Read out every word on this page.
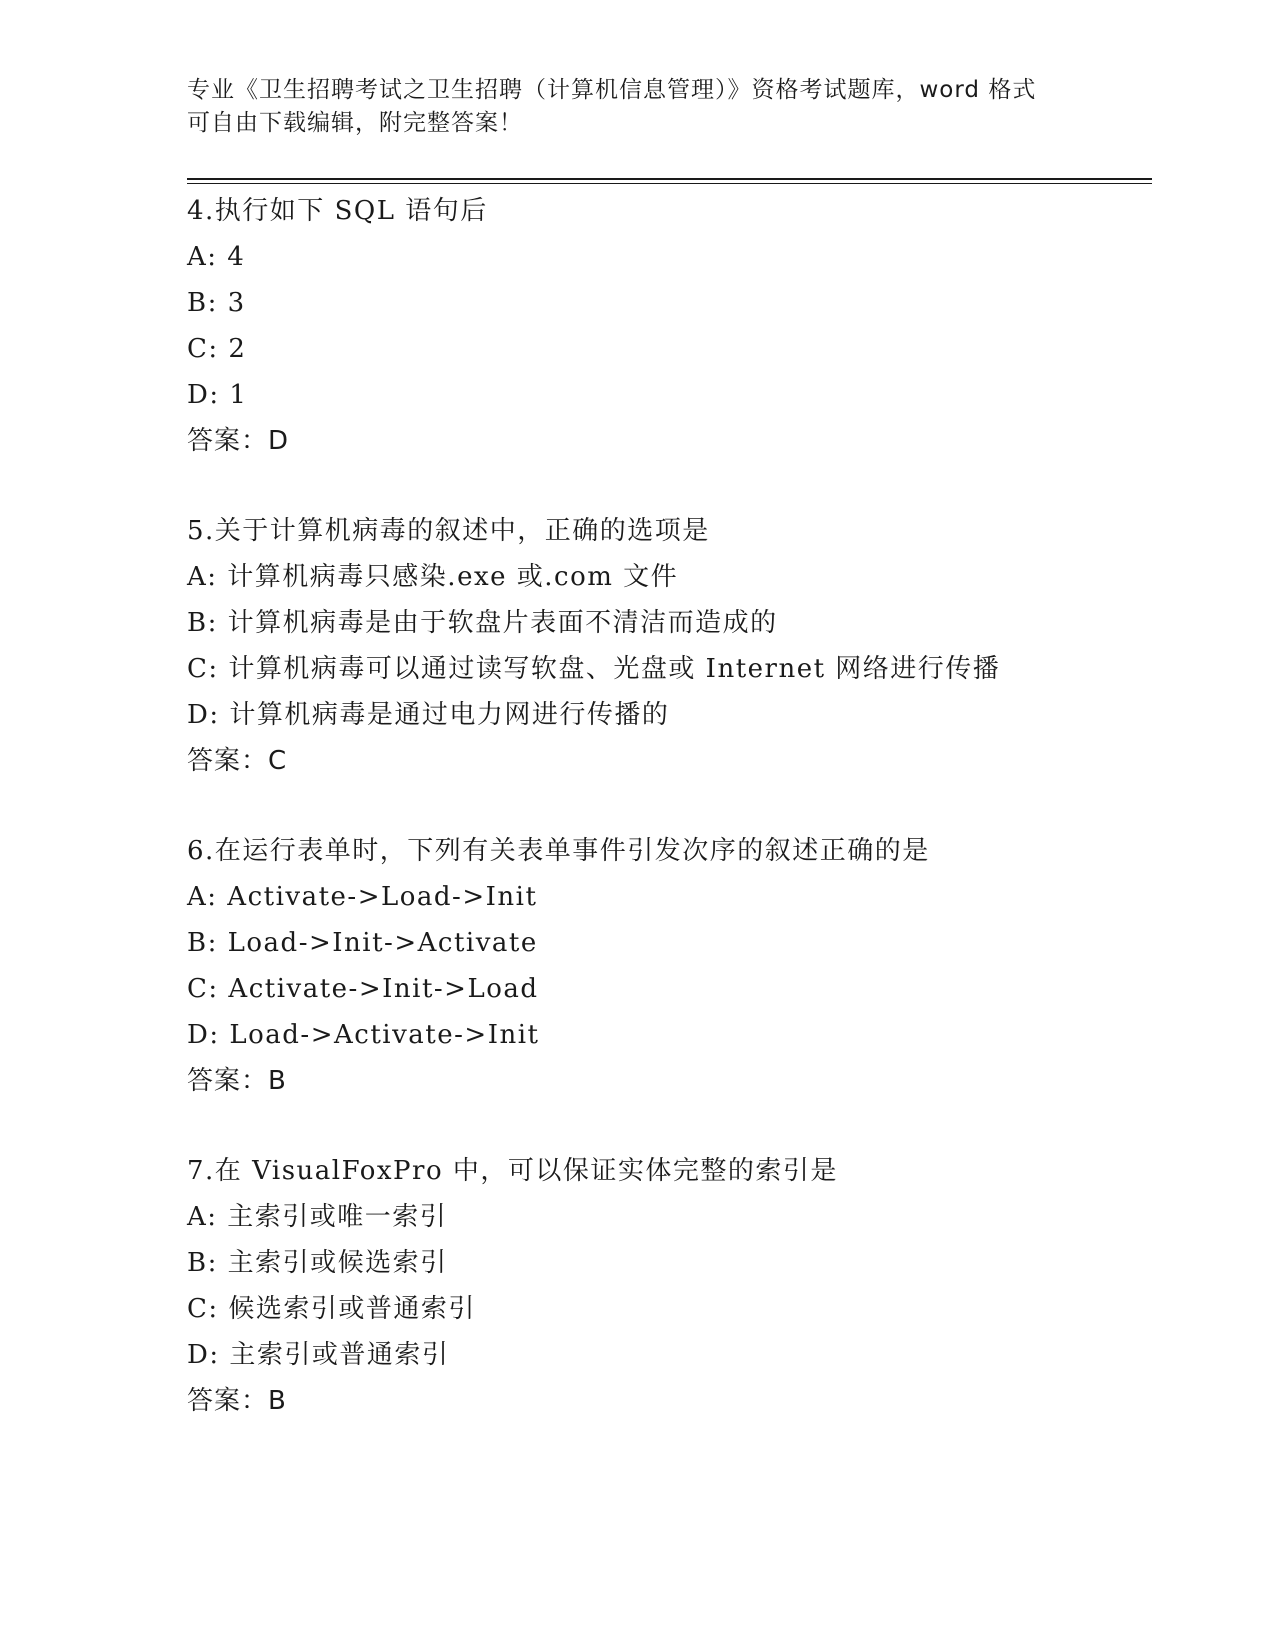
专业《卫生招聘考试之卫生招聘（计算机信息管理）》资格考试题库，word 格式
可自由下载编辑，附完整答案！
4.执行如下 SQL 语句后
A: 4
B: 3
C: 2
D: 1
答案：D
5.关于计算机病毒的叙述中，正确的选项是
A: 计算机病毒只感染.exe 或.com 文件
B: 计算机病毒是由于软盘片表面不清洁而造成的
C: 计算机病毒可以通过读写软盘、光盘或 Internet 网络进行传播
D: 计算机病毒是通过电力网进行传播的
答案：C
6.在运行表单时，下列有关表单事件引发次序的叙述正确的是
A: Activate->Load->Init
B: Load->Init->Activate
C: Activate->Init->Load
D: Load->Activate->Init
答案：B
7.在 VisualFoxPro 中，可以保证实体完整的索引是
A: 主索引或唯一索引
B: 主索引或候选索引
C: 候选索引或普通索引
D: 主索引或普通索引
答案：B
